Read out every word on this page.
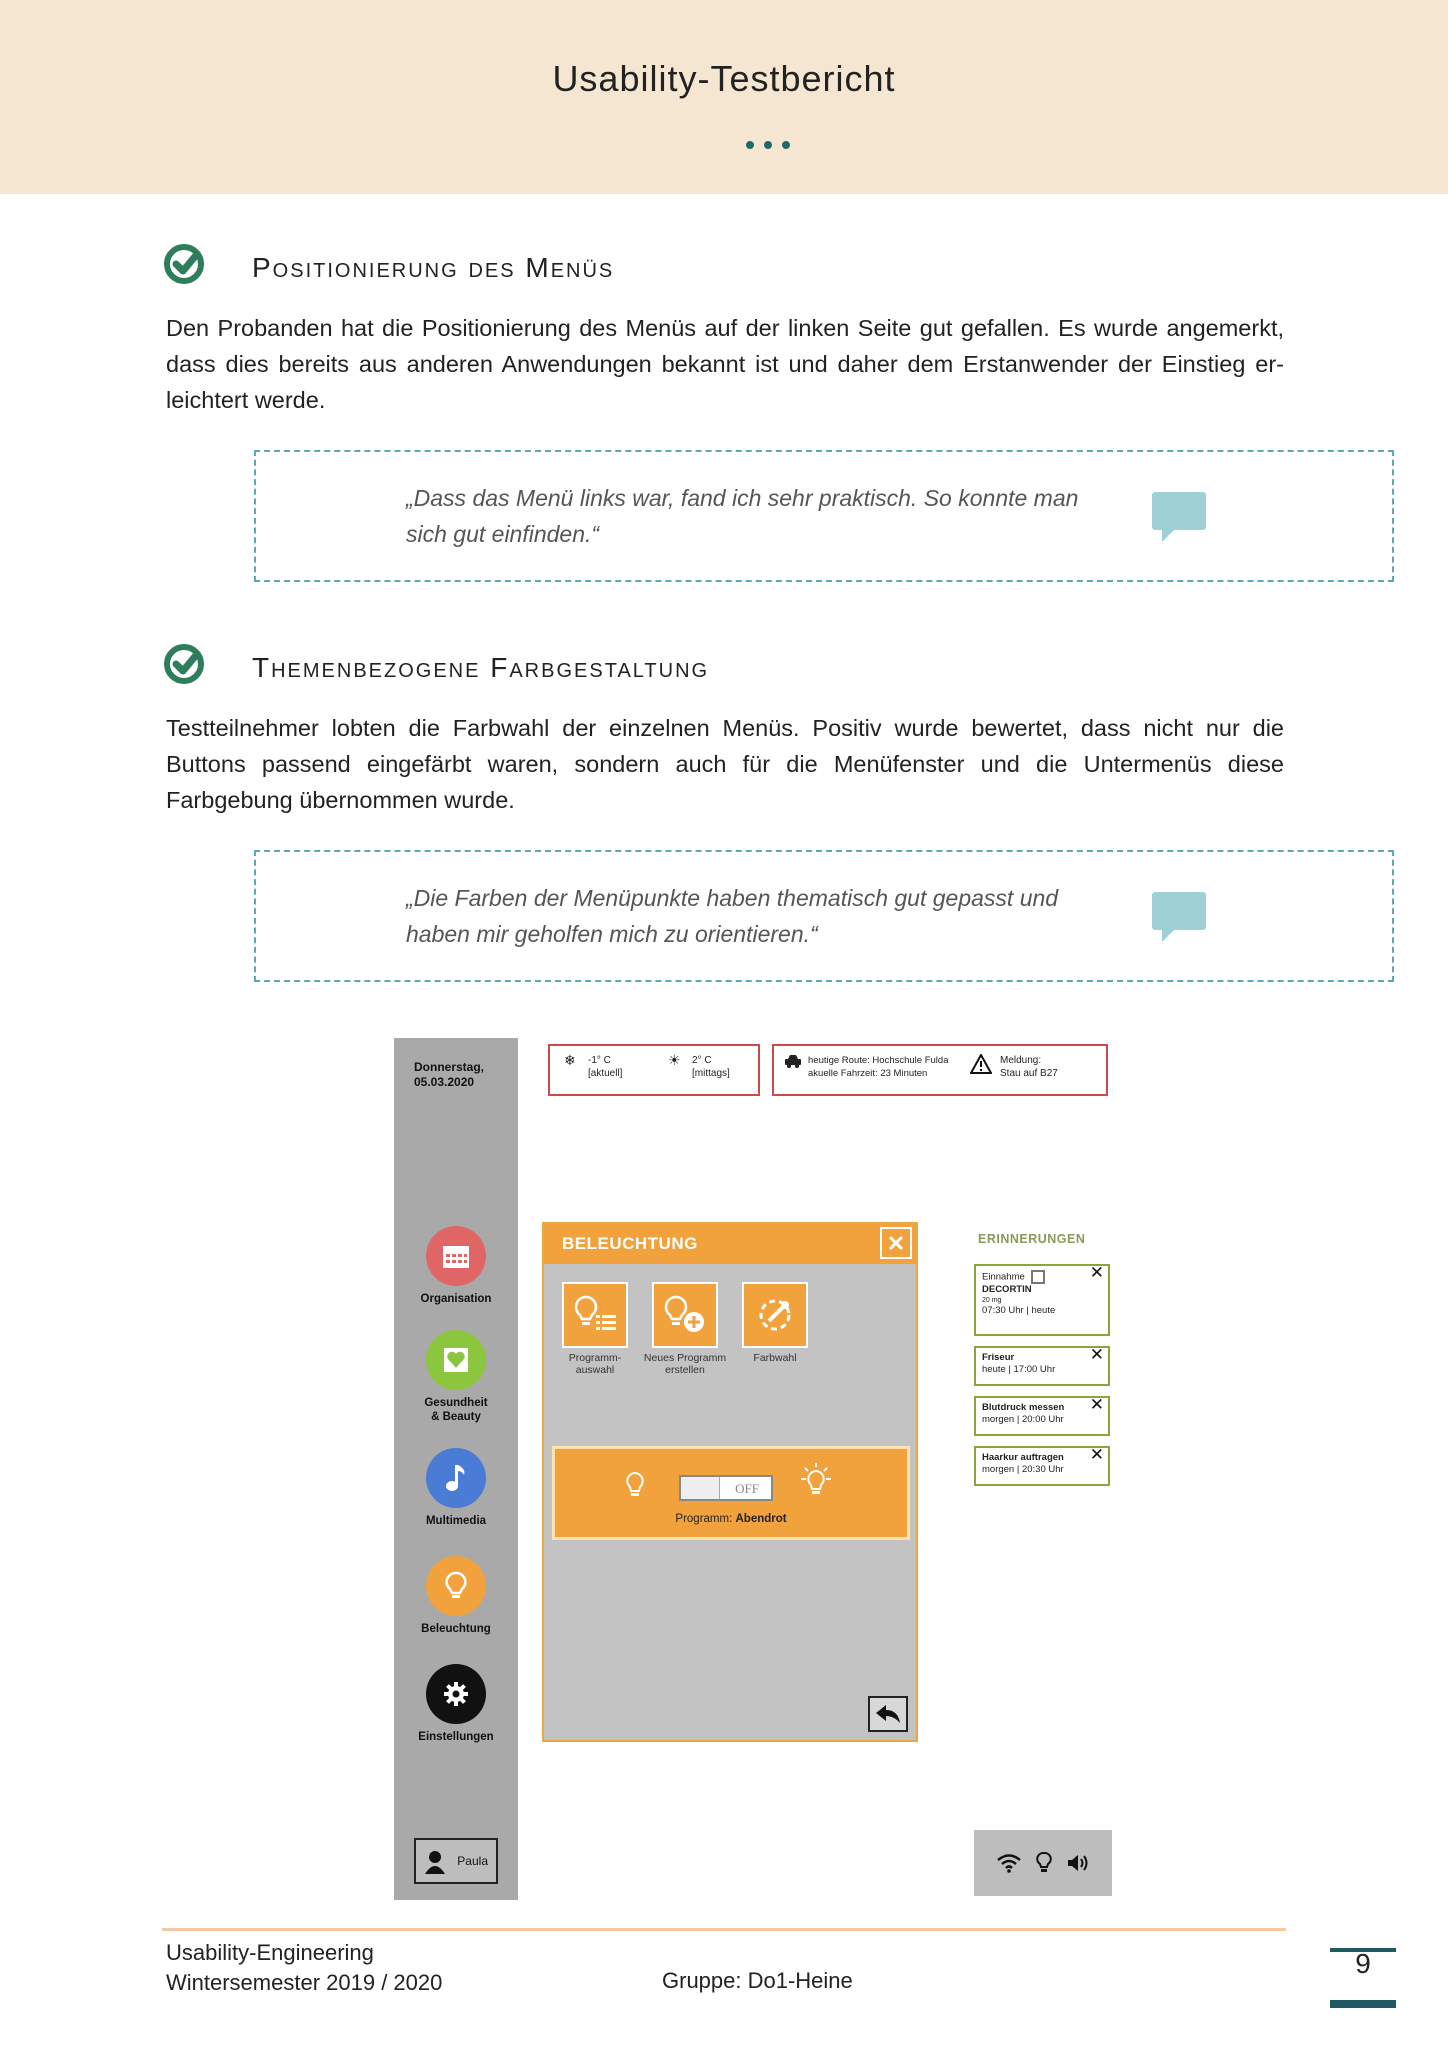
Usability-Testbericht
Positionierung des Menüs
Den Probanden hat die Positionierung des Menüs auf der linken Seite gut gefallen. Es wurde angemerkt, dass dies bereits aus anderen Anwendungen bekannt ist und daher dem Erstanwender der Einstieg er-leichtert werde.
„Dass das Menü links war, fand ich sehr praktisch. So konnte man sich gut einfinden.“
Themenbezogene Farbgestaltung
Testteilnehmer lobten die Farbwahl der einzelnen Menüs. Positiv wurde bewertet, dass nicht nur die Buttons passend eingefärbt waren, sondern auch für die Menüfenster und die Untermenüs diese Farbgebung übernommen wurde.
„Die Farben der Menüpunkte haben thematisch gut gepasst und haben mir geholfen mich zu orientieren.“
Donnerstag,
05.03.2020
Organisation
Gesundheit
& Beauty
Multimedia
Beleuchtung
Einstellungen
Paula
❄ -1° C
[aktuell]
☀ 2° C
[mittags]
heutige Route: Hochschule Fulda
akuelle Fahrzeit: 23 Minuten
Meldung:
Stau auf B27
BELEUCHTUNG
Programm-
auswahl
Neues Programm
erstellen
Farbwahl
OFF
Programm: Abendrot
ERINNERUNGEN
Einnahme
DECORTIN
20 mg
07:30 Uhr | heute
✕
Friseur
heute | 17:00 Uhr
✕
Blutdruck messen
morgen | 20:00 Uhr
✕
Haarkur auftragen
morgen | 20:30 Uhr
✕
Usability-Engineering
Wintersemester 2019 / 2020	Gruppe: Do1-Heine
9
